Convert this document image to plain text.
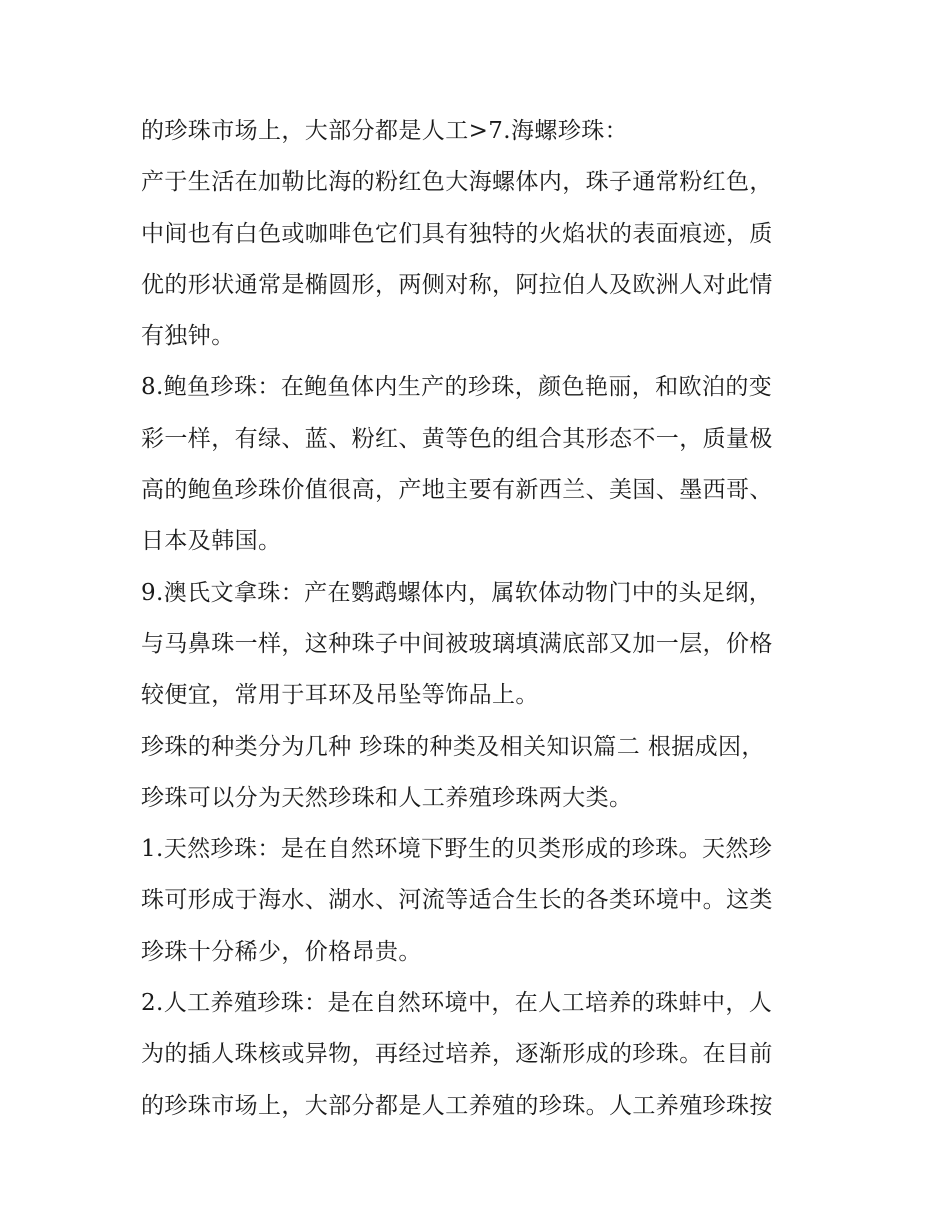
的珍珠市场上，大部分都是人工>7.海螺珍珠：
产于生活在加勒比海的粉红色大海螺体内，珠子通常粉红色，
中间也有白色或咖啡色它们具有独特的火焰状的表面痕迹，质
优的形状通常是椭圆形，两侧对称，阿拉伯人及欧洲人对此情
有独钟。
8.鲍鱼珍珠：在鲍鱼体内生产的珍珠，颜色艳丽，和欧泊的变
彩一样，有绿、蓝、粉红、黄等色的组合其形态不一，质量极
高的鲍鱼珍珠价值很高，产地主要有新西兰、美国、墨西哥、
日本及韩国。
9.澳氏文拿珠：产在鹦鹉螺体内，属软体动物门中的头足纲，
与马鼻珠一样，这种珠子中间被玻璃填满底部又加一层，价格
较便宜，常用于耳环及吊坠等饰品上。
珍珠的种类分为几种 珍珠的种类及相关知识篇二 根据成因，
珍珠可以分为天然珍珠和人工养殖珍珠两大类。
1.天然珍珠：是在自然环境下野生的贝类形成的珍珠。天然珍
珠可形成于海水、湖水、河流等适合生长的各类环境中。这类
珍珠十分稀少，价格昂贵。
2.人工养殖珍珠：是在自然环境中，在人工培养的珠蚌中，人
为的插人珠核或异物，再经过培养，逐渐形成的珍珠。在目前
的珍珠市场上，大部分都是人工养殖的珍珠。人工养殖珍珠按
